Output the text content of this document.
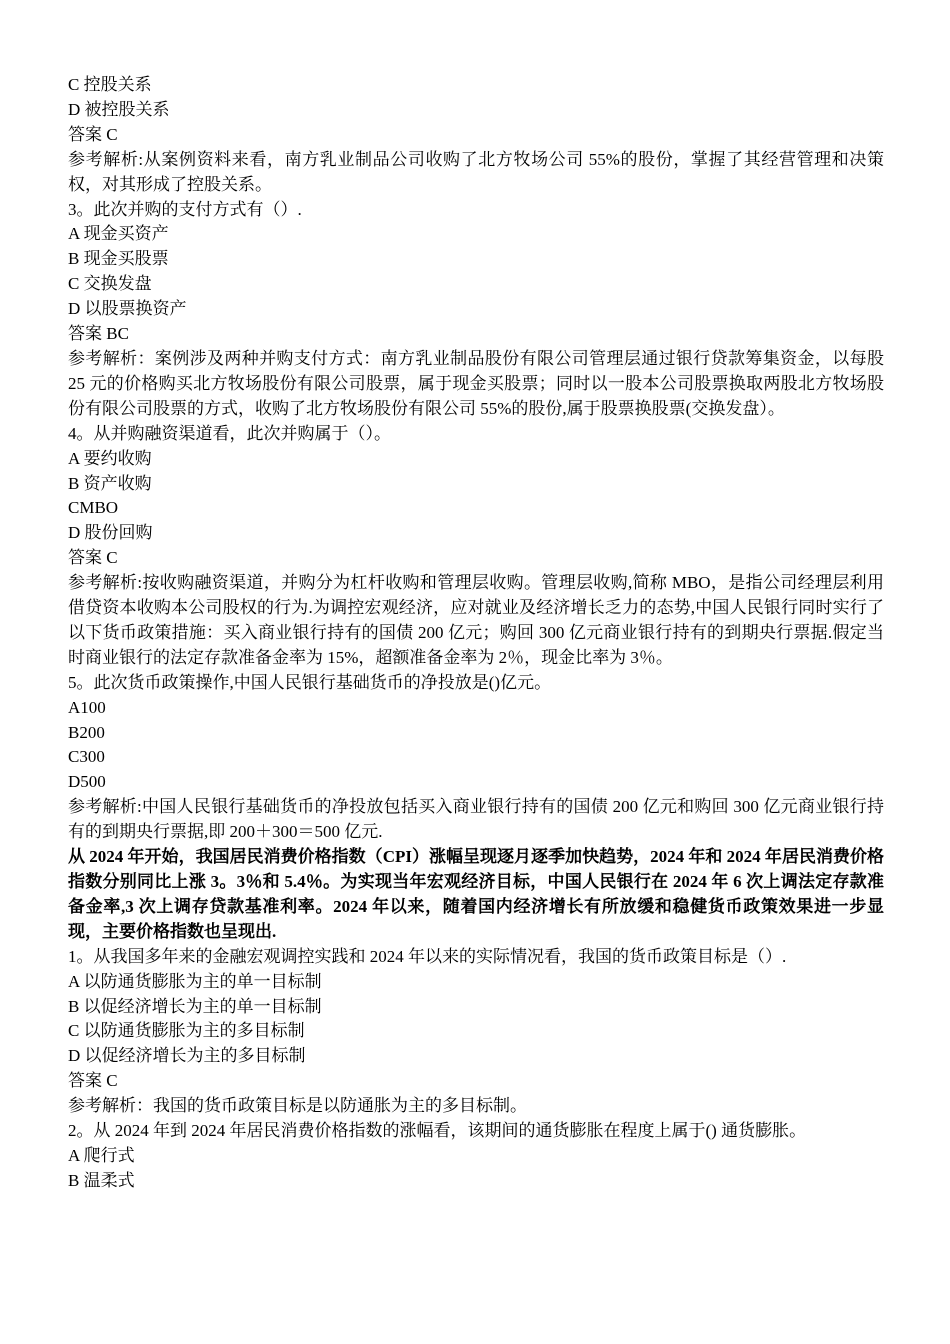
C 控股关系
D 被控股关系
答案 C
参考解析:从案例资料来看，南方乳业制品公司收购了北方牧场公司 55%的股份，掌握了其经营管理和决策权，对其形成了控股关系。
3。此次并购的支付方式有（）.
A 现金买资产
B 现金买股票
C 交换发盘
D 以股票换资产
答案 BC
参考解析：案例涉及两种并购支付方式：南方乳业制品股份有限公司管理层通过银行贷款筹集资金，以每股 25 元的价格购买北方牧场股份有限公司股票，属于现金买股票；同时以一股本公司股票换取两股北方牧场股份有限公司股票的方式，收购了北方牧场股份有限公司 55%的股份,属于股票换股票(交换发盘）。
4。从并购融资渠道看，此次并购属于（）。
A 要约收购
B 资产收购
CMBO
D 股份回购
答案 C
参考解析:按收购融资渠道，并购分为杠杆收购和管理层收购。管理层收购,简称 MBO，是指公司经理层利用借贷资本收购本公司股权的行为.为调控宏观经济，应对就业及经济增长乏力的态势,中国人民银行同时实行了以下货币政策措施：买入商业银行持有的国债 200 亿元；购回 300 亿元商业银行持有的到期央行票据.假定当时商业银行的法定存款准备金率为 15%，超额准备金率为 2％，现金比率为 3％。
5。此次货币政策操作,中国人民银行基础货币的净投放是()亿元。
A100
B200
C300
D500
参考解析:中国人民银行基础货币的净投放包括买入商业银行持有的国债 200 亿元和购回 300 亿元商业银行持有的到期央行票据,即 200＋300＝500 亿元.
从 2024 年开始，我国居民消费价格指数（CPI）涨幅呈现逐月逐季加快趋势，2024 年和 2024 年居民消费价格指数分别同比上涨 3。3％和 5.4％。为实现当年宏观经济目标，中国人民银行在 2024 年 6 次上调法定存款准备金率,3 次上调存贷款基准利率。2024 年以来，随着国内经济增长有所放缓和稳健货币政策效果进一步显现，主要价格指数也呈现出.
1。从我国多年来的金融宏观调控实践和 2024 年以来的实际情况看，我国的货币政策目标是（）.
A 以防通货膨胀为主的单一目标制
B 以促经济增长为主的单一目标制
C 以防通货膨胀为主的多目标制
D 以促经济增长为主的多目标制
答案 C
参考解析：我国的货币政策目标是以防通胀为主的多目标制。
2。从 2024 年到 2024 年居民消费价格指数的涨幅看，该期间的通货膨胀在程度上属于() 通货膨胀。
A 爬行式
B 温柔式
